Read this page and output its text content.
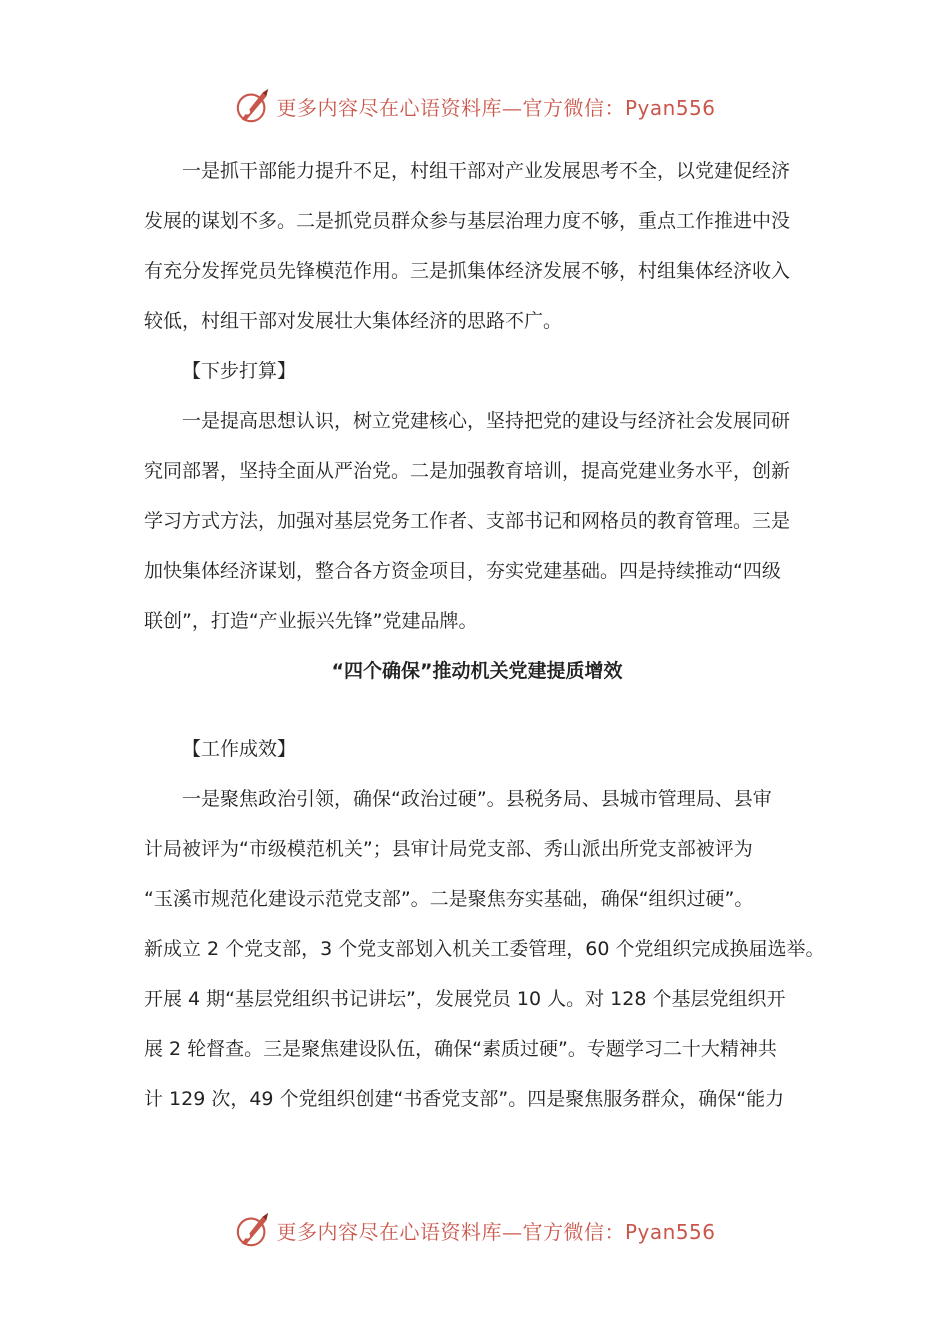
更多内容尽在心语资料库—官方微信：Pyan556
一是抓干部能力提升不足，村组干部对产业发展思考不全，以党建促经济
发展的谋划不多。二是抓党员群众参与基层治理力度不够，重点工作推进中没
有充分发挥党员先锋模范作用。三是抓集体经济发展不够，村组集体经济收入
较低，村组干部对发展壮大集体经济的思路不广。
【下步打算】
一是提高思想认识，树立党建核心，坚持把党的建设与经济社会发展同研
究同部署，坚持全面从严治党。二是加强教育培训，提高党建业务水平，创新
学习方式方法，加强对基层党务工作者、支部书记和网格员的教育管理。三是
加快集体经济谋划，整合各方资金项目，夯实党建基础。四是持续推动“四级
联创”，打造“产业振兴先锋”党建品牌。
“四个确保”推动机关党建提质增效
【工作成效】
一是聚焦政治引领，确保“政治过硬”。县税务局、县城市管理局、县审
计局被评为“市级模范机关”；县审计局党支部、秀山派出所党支部被评为
“玉溪市规范化建设示范党支部”。二是聚焦夯实基础，确保“组织过硬”。
新成立 2 个党支部，3 个党支部划入机关工委管理，60 个党组织完成换届选举。
开展 4 期“基层党组织书记讲坛”，发展党员 10 人。对 128 个基层党组织开
展 2 轮督查。三是聚焦建设队伍，确保“素质过硬”。专题学习二十大精神共
计 129 次，49 个党组织创建“书香党支部”。四是聚焦服务群众，确保“能力
更多内容尽在心语资料库—官方微信：Pyan556
